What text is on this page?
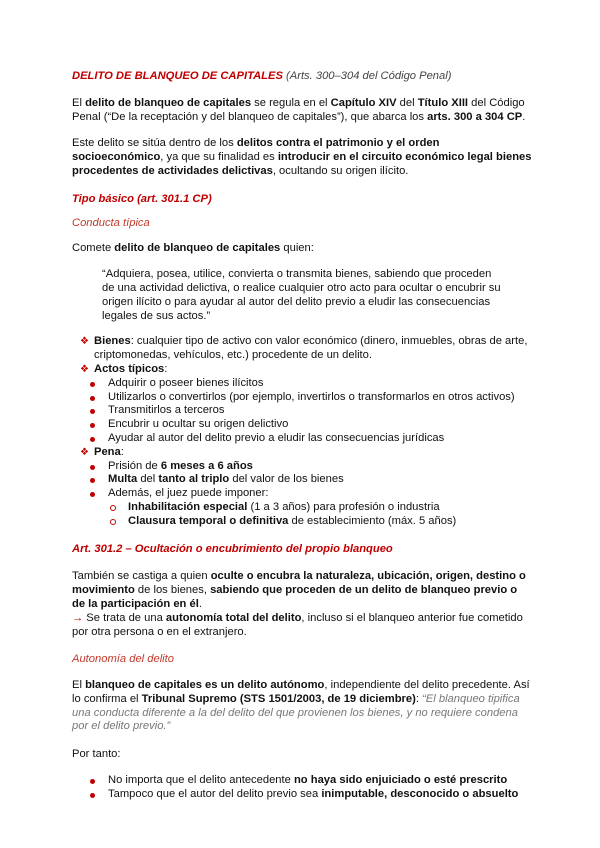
DELITO DE BLANQUEO DE CAPITALES (Arts. 300–304 del Código Penal)

El delito de blanqueo de capitales se regula en el Capítulo XIV del Título XIII del Código Penal (“De la receptación y del blanqueo de capitales”), que abarca los arts. 300 a 304 CP.

Este delito se sitúa dentro de los delitos contra el patrimonio y el orden socioeconómico, ya que su finalidad es introducir en el circuito económico legal bienes procedentes de actividades delictivas, ocultando su origen ilícito.

Tipo básico (art. 301.1 CP)

Conducta típica

Comete delito de blanqueo de capitales quien:

“Adquiera, posea, utilice, convierta o transmita bienes, sabiendo que proceden de una actividad delictiva, o realice cualquier otro acto para ocultar o encubrir su origen ilícito o para ayudar al autor del delito previo a eludir las consecuencias legales de sus actos.”

❖ Bienes: cualquier tipo de activo con valor económico (dinero, inmuebles, obras de arte, criptomonedas, vehículos, etc.) procedente de un delito.
❖ Actos típicos:
Adquirir o poseer bienes ilícitos
Utilizarlos o convertirlos (por ejemplo, invertirlos o transformarlos en otros activos)
Transmitirlos a terceros
Encubrir u ocultar su origen delictivo
Ayudar al autor del delito previo a eludir las consecuencias jurídicas
❖ Pena:
Prisión de 6 meses a 6 años
Multa del tanto al triplo del valor de los bienes
Además, el juez puede imponer:
Inhabilitación especial (1 a 3 años) para profesión o industria
Clausura temporal o definitiva de establecimiento (máx. 5 años)

Art. 301.2 – Ocultación o encubrimiento del propio blanqueo

También se castiga a quien oculte o encubra la naturaleza, ubicación, origen, destino o movimiento de los bienes, sabiendo que proceden de un delito de blanqueo previo o de la participación en él.

→ Se trata de una autonomía total del delito, incluso si el blanqueo anterior fue cometido por otra persona o en el extranjero.

Autonomía del delito

El blanqueo de capitales es un delito autónomo, independiente del delito precedente. Así lo confirma el Tribunal Supremo (STS 1501/2003, de 19 diciembre): “El blanqueo tipifica una conducta diferente a la del delito del que provienen los bienes, y no requiere condena por el delito previo.”

Por tanto:

No importa que el delito antecedente no haya sido enjuiciado o esté prescrito
Tampoco que el autor del delito previo sea inimputable, desconocido o absuelto
